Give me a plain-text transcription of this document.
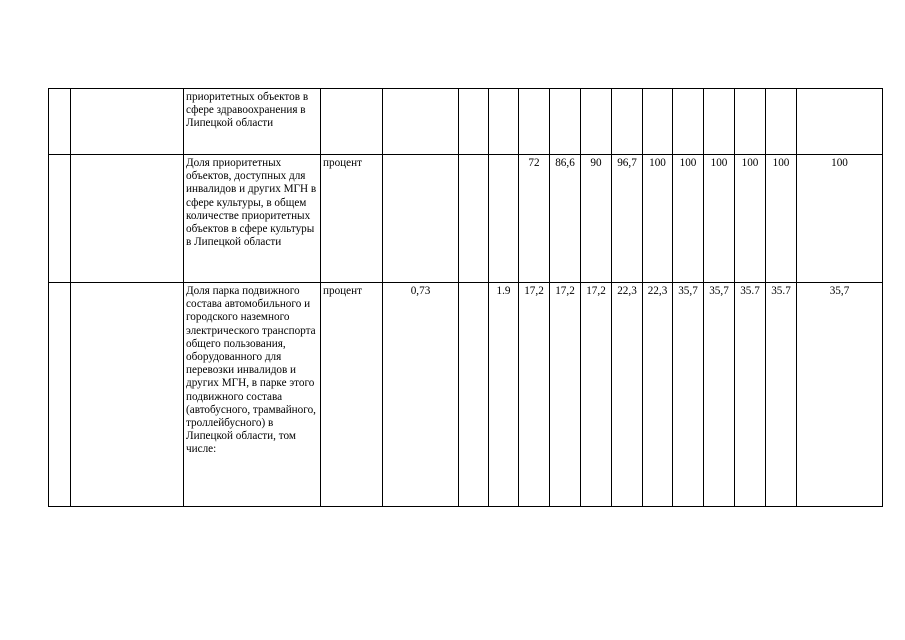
		приоритетных объектов в сфере здравоохранения в Липецкой области															
		Доля приоритетных объектов, доступных для инвалидов и других МГН в сфере культуры, в общем количестве приоритетных объектов в сфере культуры в Липецкой области	процент				72	86,6	90	96,7	100	100	100	100	100	100	
		Доля парка подвижного состава автомобильного и городского наземного электрического транспорта общего пользования, оборудованного для перевозки инвалидов и других МГН, в парке этого подвижного состава (автобусного, трамвайного, троллейбусного) в Липецкой области, том числе:	процент	0,73		1.9	17,2	17,2	17,2	22,3	22,3	35,7	35,7	35.7	35.7	35,7	
